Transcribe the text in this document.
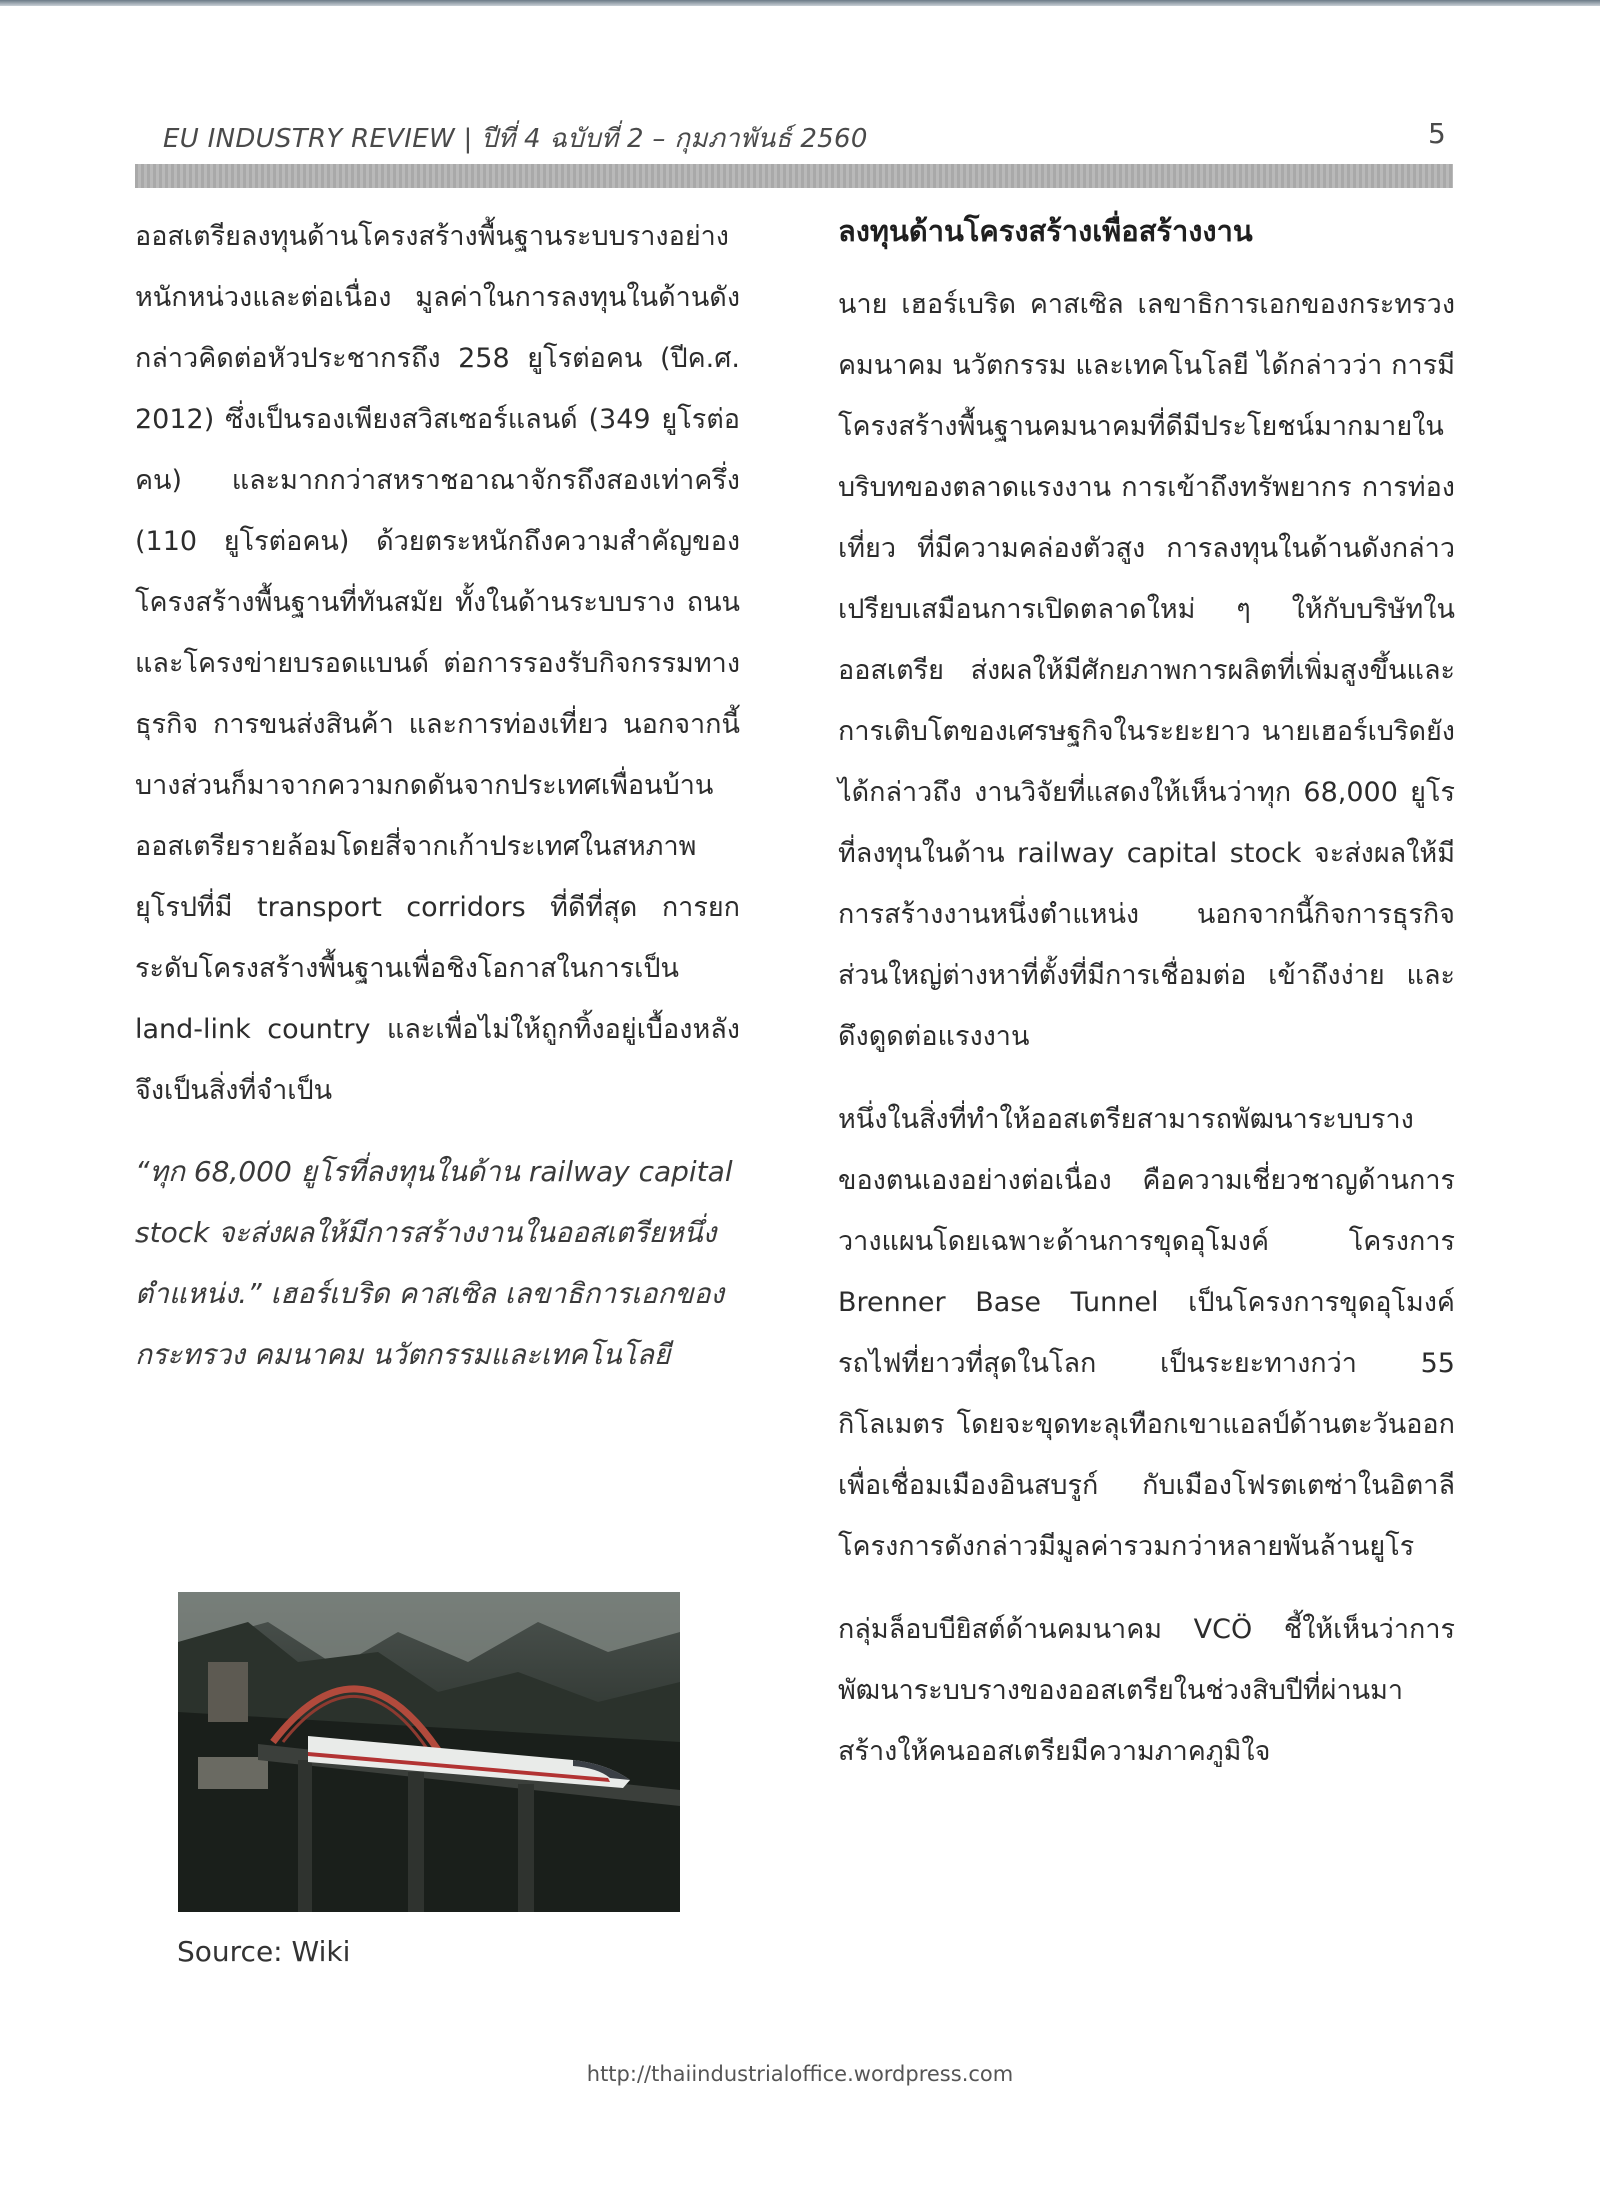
EU INDUSTRY REVIEW | ปีที่ 4 ฉบับที่ 2 – กุมภาพันธ์ 2560	5

ออสเตรียลงทุนด้านโครงสร้างพื้นฐานระบบรางอย่างหนักหน่วงและต่อเนื่อง มูลค่าในการลงทุนในด้านดังกล่าวคิดต่อหัวประชากรถึง 258 ยูโรต่อคน (ปีค.ศ. 2012) ซึ่งเป็นรองเพียงสวิสเซอร์แลนด์ (349 ยูโรต่อคน) และมากกว่าสหราชอาณาจักรถึงสองเท่าครึ่ง (110 ยูโรต่อคน) ด้วยตระหนักถึงความสำคัญของโครงสร้างพื้นฐานที่ทันสมัย ทั้งในด้านระบบราง ถนน และโครงข่ายบรอดแบนด์ ต่อการรองรับกิจกรรมทางธุรกิจ การขนส่งสินค้า และการท่องเที่ยว นอกจากนี้บางส่วนก็มาจากความกดดันจากประเทศเพื่อนบ้าน ออสเตรียรายล้อมโดยสี่จากเก้าประเทศในสหภาพยุโรปที่มี transport corridors ที่ดีที่สุด การยกระดับโครงสร้างพื้นฐานเพื่อชิงโอกาสในการเป็น land-link country และเพื่อไม่ให้ถูกทิ้งอยู่เบื้องหลังจึงเป็นสิ่งที่จำเป็น

“ทุก 68,000 ยูโรที่ลงทุนในด้าน railway capital stock จะส่งผลให้มีการสร้างงานในออสเตรียหนึ่งตำแหน่ง.” เฮอร์เบริด คาสเซิล เลขาธิการเอกของกระทรวง คมนาคม นวัตกรรมและเทคโนโลยี

Source: Wiki
ลงทุนด้านโครงสร้างเพื่อสร้างงาน

นาย เฮอร์เบริด คาสเซิล เลขาธิการเอกของกระทรวง คมนาคม นวัตกรรม และเทคโนโลยี ได้กล่าวว่า การมีโครงสร้างพื้นฐานคมนาคมที่ดีมีประโยชน์มากมายในบริบทของตลาดแรงงาน การเข้าถึงทรัพยากร การท่องเที่ยว ที่มีความคล่องตัวสูง การลงทุนในด้านดังกล่าวเปรียบเสมือนการเปิดตลาดใหม่ ๆ ให้กับบริษัทในออสเตรีย ส่งผลให้มีศักยภาพการผลิตที่เพิ่มสูงขึ้นและการเติบโตของเศรษฐกิจในระยะยาว นายเฮอร์เบริดยังได้กล่าวถึง งานวิจัยที่แสดงให้เห็นว่าทุก 68,000 ยูโรที่ลงทุนในด้าน railway capital stock จะส่งผลให้มีการสร้างงานหนึ่งตำแหน่ง นอกจากนี้กิจการธุรกิจส่วนใหญ่ต่างหาที่ตั้งที่มีการเชื่อมต่อ เข้าถึงง่าย และดึงดูดต่อแรงงาน

หนึ่งในสิ่งที่ทำให้ออสเตรียสามารถพัฒนาระบบรางของตนเองอย่างต่อเนื่อง คือความเชี่ยวชาญด้านการวางแผนโดยเฉพาะด้านการขุดอุโมงค์ โครงการ Brenner Base Tunnel เป็นโครงการขุดอุโมงค์รถไฟที่ยาวที่สุดในโลก เป็นระยะทางกว่า 55 กิโลเมตร โดยจะขุดทะลุเทือกเขาแอลป์ด้านตะวันออกเพื่อเชื่อมเมืองอินสบรูก์ กับเมืองโฟรตเตซ่าในอิตาลี โครงการดังกล่าวมีมูลค่ารวมกว่าหลายพันล้านยูโร

กลุ่มล็อบบียิสต์ด้านคมนาคม VCÖ ชี้ให้เห็นว่าการพัฒนาระบบรางของออสเตรียในช่วงสิบปีที่ผ่านมา สร้างให้คนออสเตรียมีความภาคภูมิใจ

http://thaiindustrialoffice.wordpress.com
